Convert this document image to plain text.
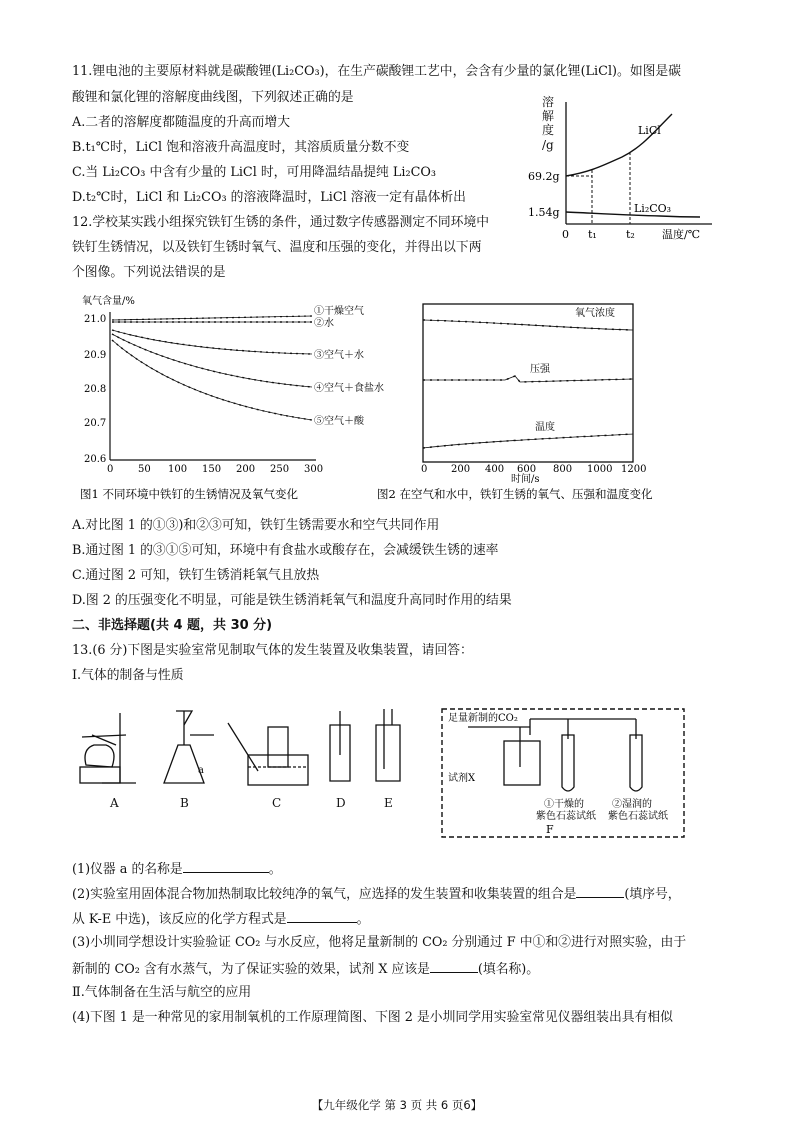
11.锂电池的主要原材料就是碳酸锂(Li₂CO₃)，在生产碳酸锂工艺中，会含有少量的氯化锂(LiCl)。如图是碳
酸锂和氯化锂的溶解度曲线图，下列叙述正确的是
A.二者的溶解度都随温度的升高而增大
B.t₁℃时，LiCl 饱和溶液升高温度时，其溶质质量分数不变
C.当 Li₂CO₃ 中含有少量的 LiCl 时，可用降温结晶提纯 Li₂CO₃
D.t₂℃时，LiCl 和 Li₂CO₃ 的溶液降温时，LiCl 溶液一定有晶体析出
溶
解
度
/g
LiCl
69.2g
1.54g	Li₂CO₃
0 t₁	t₂ 温度/℃
12.学校某实践小组探究铁钉生锈的条件，通过数字传感器测定不同环境中
铁钉生锈情况，以及铁钉生锈时氧气、温度和压强的变化，并得出以下两
个图像。下列说法错误的是
氧气含量/%
21.0
20.9
20.8
20.7
20.6
0 50 100 150 200 250 300
①干燥空气
②水
③空气＋水
④空气＋食盐水
⑤空气＋酸
图1 不同环境中铁钉的生锈情况及氧气变化
氧气浓度
压强
温度
0 200 400 600 800 1000 1200
时间/s
图2 在空气和水中，铁钉生锈的氧气、压强和温度变化
A.对比图 1 的①③)和②③可知，铁钉生锈需要水和空气共同作用
B.通过图 1 的③①⑤可知，环境中有食盐水或酸存在，会减缓铁生锈的速率
C.通过图 2 可知，铁钉生锈消耗氧气且放热
D.图 2 的压强变化不明显，可能是铁生锈消耗氧气和温度升高同时作用的结果
二、非选择题(共 4 题，共 30 分)
13.(6 分)下图是实验室常见制取气体的发生装置及收集装置，请回答：
Ⅰ.气体的制备与性质
a
A	B	C	D	E
足量新制的CO₂
试剂X
①干燥的
紫色石蕊试纸
②湿润的
紫色石蕊试纸
F
(1)仪器 a 的名称是	。
(2)实验室用固体混合物加热制取比较纯净的氧气，应选择的发生装置和收集装置的组合是	(填序号，
从 K-E 中选)，该反应的化学方程式是	。
(3)小圳同学想设计实验验证 CO₂ 与水反应，他将足量新制的 CO₂ 分别通过 F 中①和②进行对照实验，由于
新制的 CO₂ 含有水蒸气，为了保证实验的效果，试剂 X 应该是	(填名称)。
Ⅱ.气体制备在生活与航空的应用
(4)下图 1 是一种常见的家用制氧机的工作原理简图、下图 2 是小圳同学用实验室常见仪器组装出具有相似
【九年级化学 第 3 页 共 6 页6】
